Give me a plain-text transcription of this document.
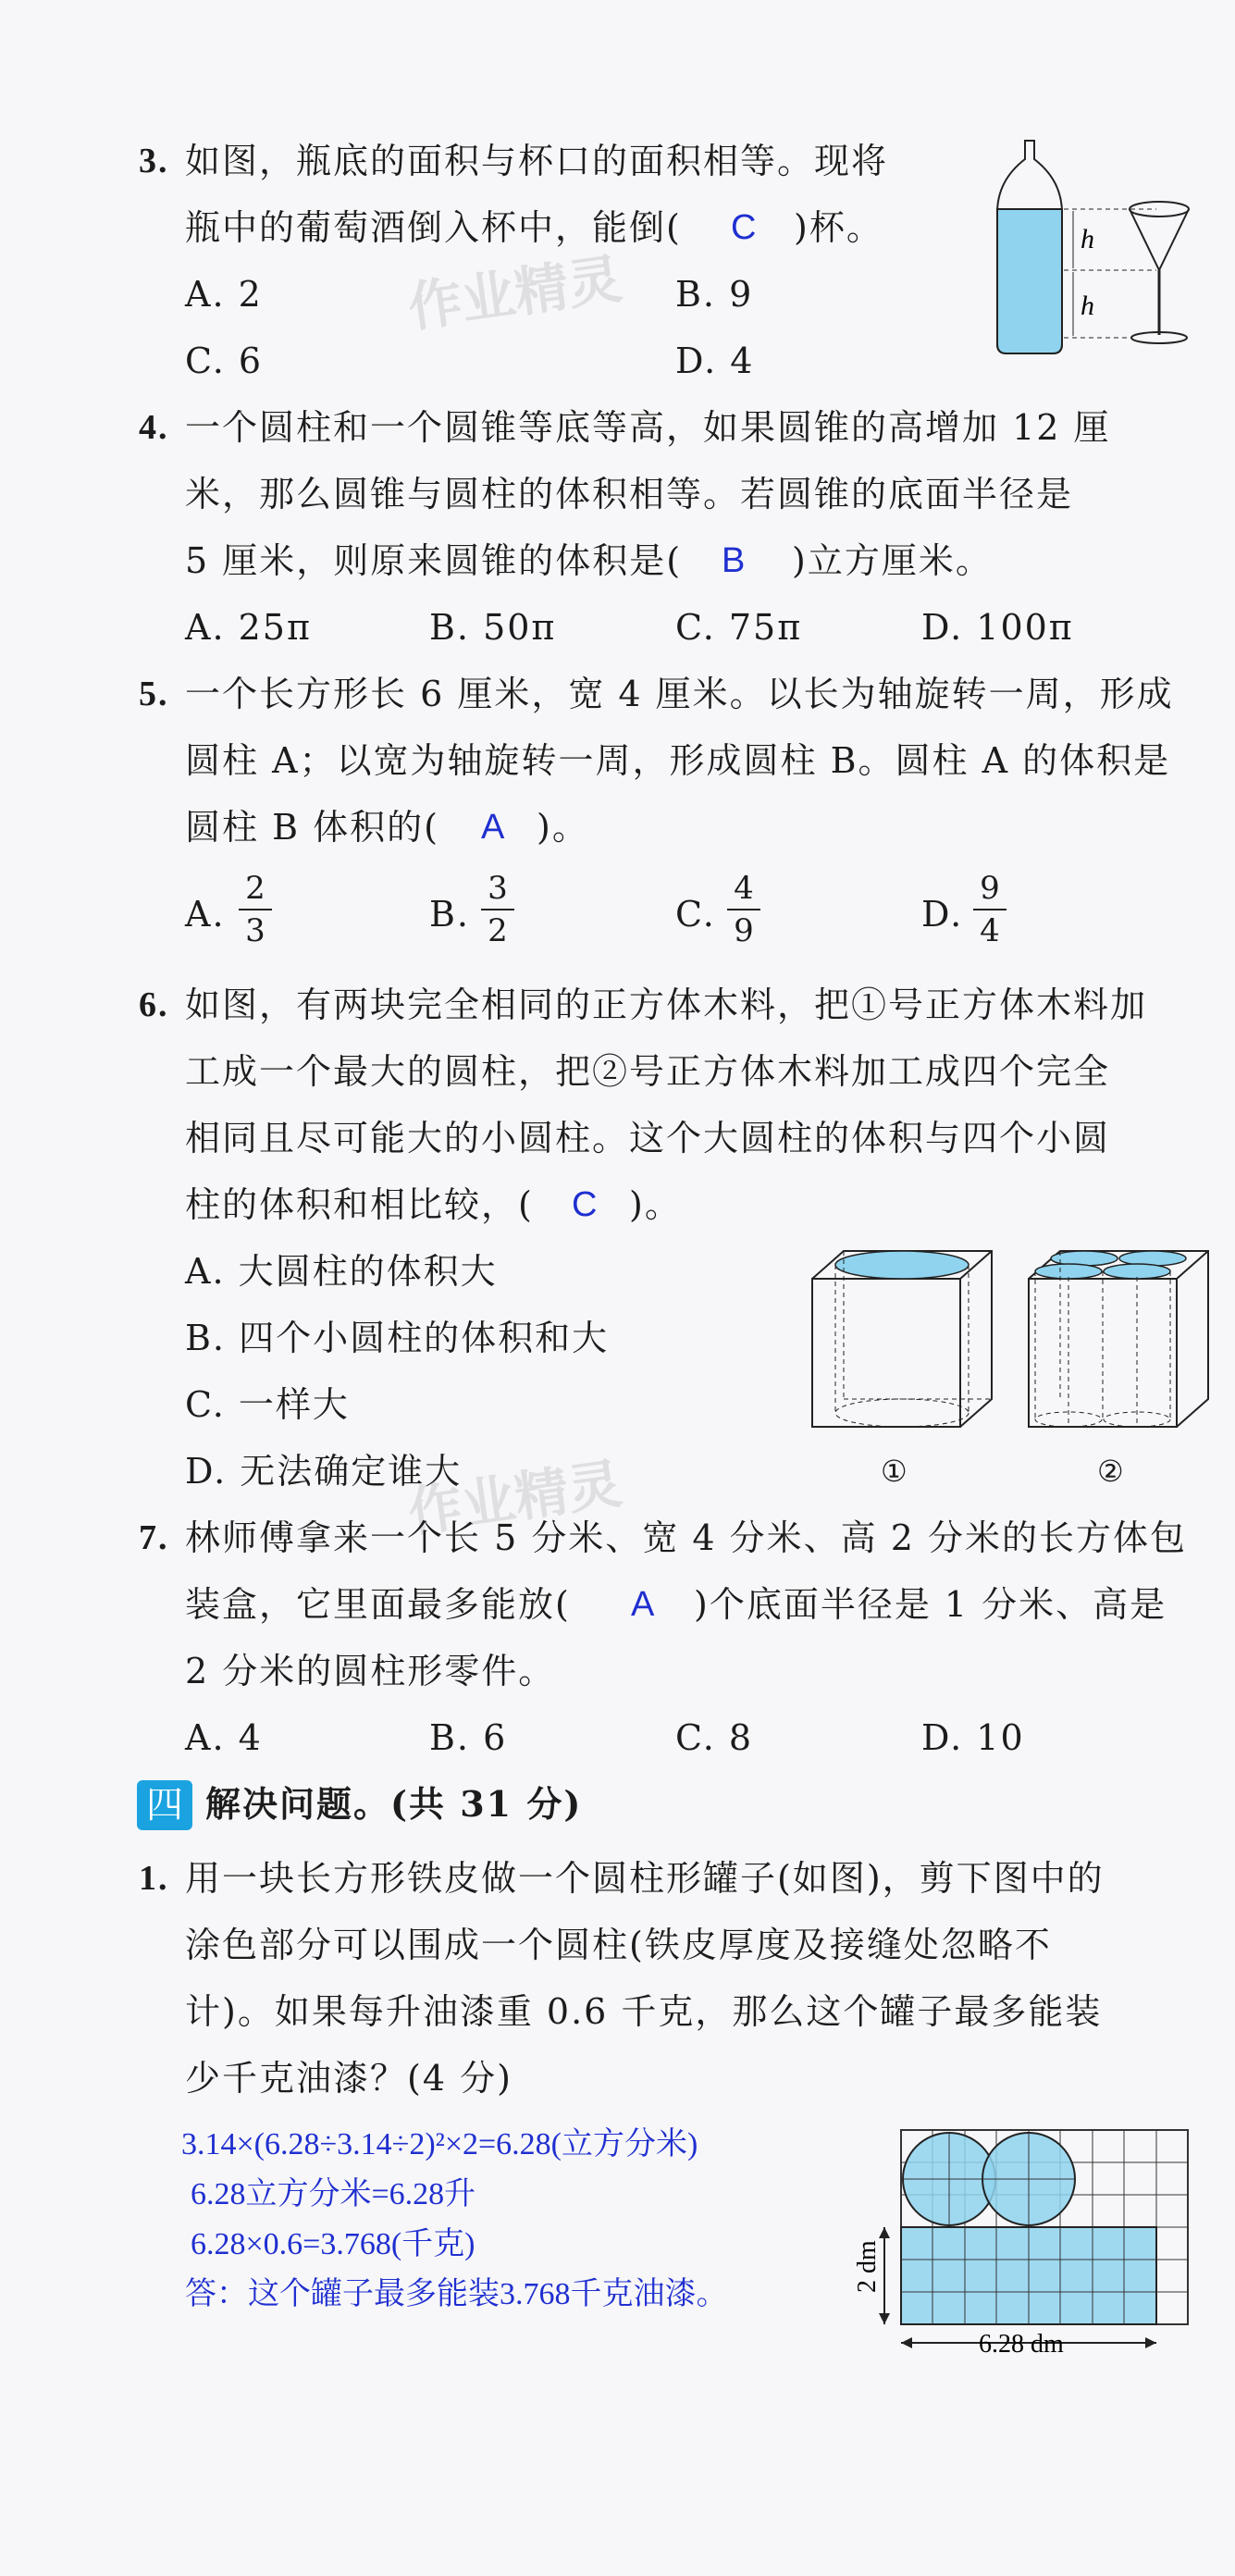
3. 如图，瓶底的面积与杯口的面积相等。现将
瓶中的葡萄酒倒入杯中，能倒( C )杯。
A. 2	B. 9
C. 6	D. 4
h
h
作业精灵
4. 一个圆柱和一个圆锥等底等高，如果圆锥的高增加 12 厘
米，那么圆锥与圆柱的体积相等。若圆锥的底面半径是
5 厘米，则原来圆锥的体积是( B )立方厘米。
A. 25π	B. 50π	C. 75π	D. 100π
5. 一个长方形长 6 厘米，宽 4 厘米。以长为轴旋转一周，形成
圆柱 A；以宽为轴旋转一周，形成圆柱 B。圆柱 A 的体积是
圆柱 B 体积的( A )。
A.
2
3	B.
3
2	C.
4
9	D.
9
4
6. 如图，有两块完全相同的正方体木料，把①号正方体木料加
工成一个最大的圆柱，把②号正方体木料加工成四个完全
相同且尽可能大的小圆柱。这个大圆柱的体积与四个小圆
柱的体积和相比较，( C )。
A. 大圆柱的体积大
B. 四个小圆柱的体积和大
C. 一样大
D. 无法确定谁大
作业精灵	①	②
7. 林师傅拿来一个长 5 分米、宽 4 分米、高 2 分米的长方体包
装盒，它里面最多能放( A )个底面半径是 1 分米、高是
2 分米的圆柱形零件。
A. 4	B. 6	C. 8	D. 10
四 解决问题。(共 31 分)
1. 用一块长方形铁皮做一个圆柱形罐子(如图)，剪下图中的
涂色部分可以围成一个圆柱(铁皮厚度及接缝处忽略不
计)。如果每升油漆重 0.6 千克，那么这个罐子最多能装
少千克油漆？(4 分)
3.14×(6.28÷3.14÷2)²×2=6.28(立方分米)
6.28立方分米=6.28升
6.28×0.6=3.768(千克)
答：这个罐子最多能装3.768千克油漆。
2 dm
6.28 dm
